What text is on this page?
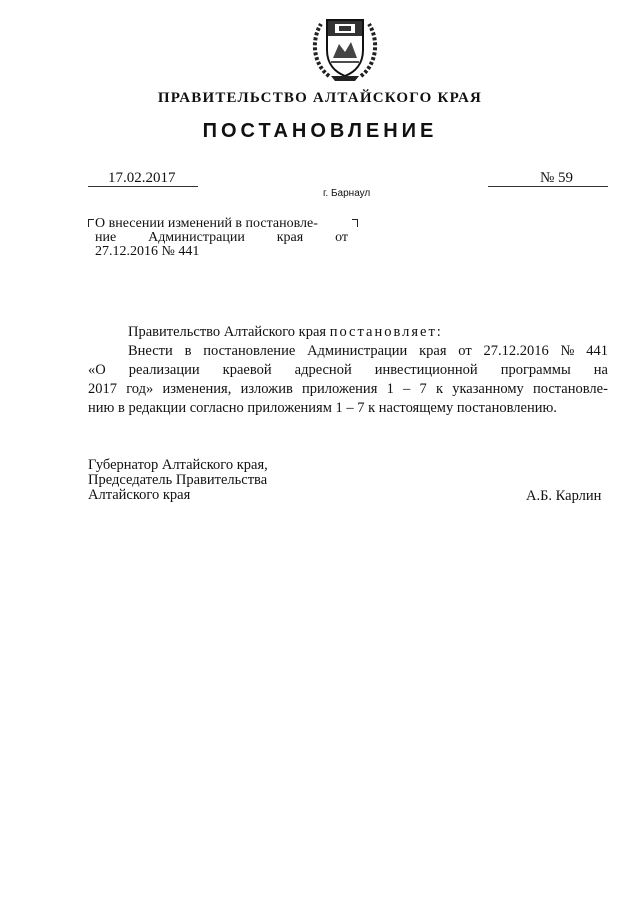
ПРАВИТЕЛЬСТВО АЛТАЙСКОГО КРАЯ
ПОСТАНОВЛЕНИЕ
17.02.2017	№ 59
г. Барнаул
О внесении изменений в постановле-
ние Администрации края от
27.12.2016 № 441
Правительство Алтайского края постановляет:
Внести в постановление Администрации края от 27.12.2016 № 441
«О реализации краевой адресной инвестиционной программы на
2017 год» изменения, изложив приложения 1 – 7 к указанному постановле-
нию в редакции согласно приложениям 1 – 7 к настоящему постановлению.
Губернатор Алтайского края,
Председатель Правительства
Алтайского края	А.Б. Карлин
